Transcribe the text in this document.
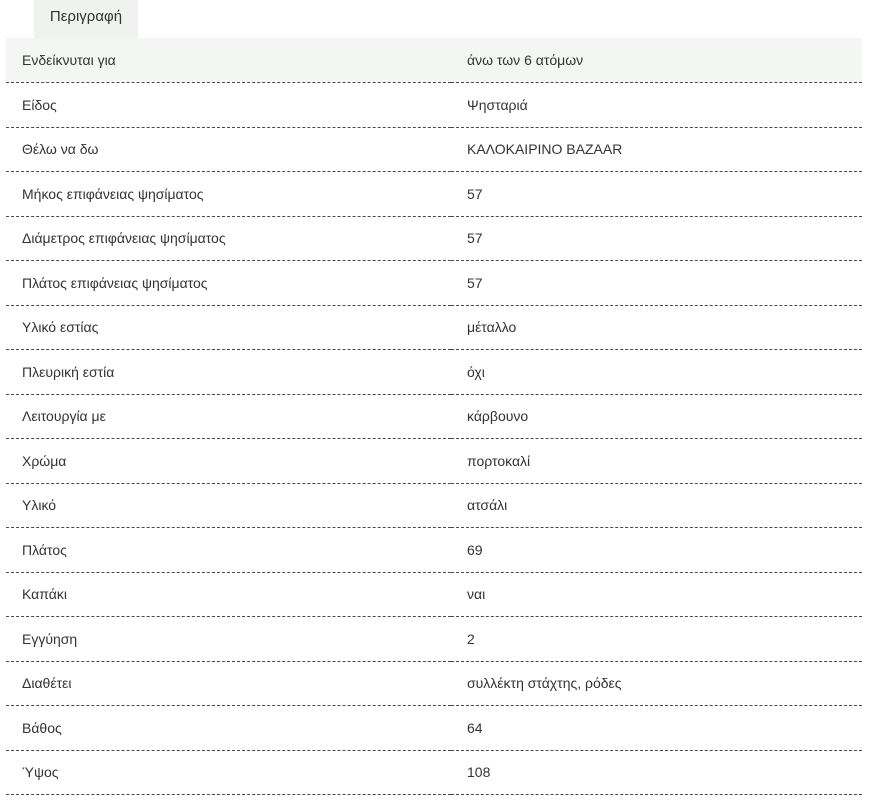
Περιγραφή
Ενδείκνυται για	άνω των 6 ατόμων
Είδος	Ψησταριά
Θέλω να δω	ΚΑΛΟΚΑΙΡΙΝΟ BAZAAR
Μήκος επιφάνειας ψησίματος	57
Διάμετρος επιφάνειας ψησίματος	57
Πλάτος επιφάνειας ψησίματος	57
Υλικό εστίας	μέταλλο
Πλευρική εστία	όχι
Λειτουργία με	κάρβουνο
Χρώμα	πορτοκαλί
Υλικό	ατσάλι
Πλάτος	69
Καπάκι	ναι
Εγγύηση	2
Διαθέτει	συλλέκτη στάχτης, ρόδες
Βάθος	64
Ύψος	108
